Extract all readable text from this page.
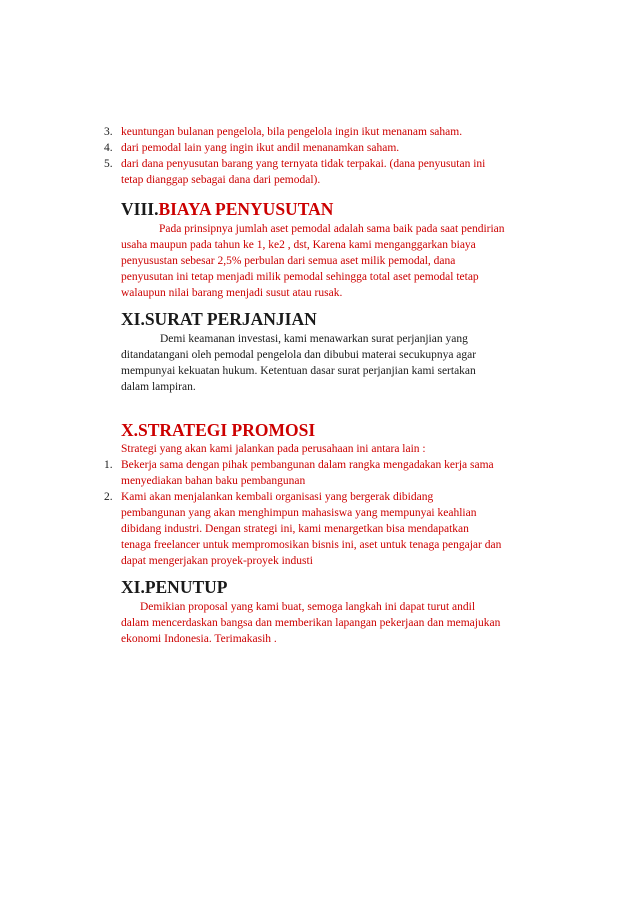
3. keuntungan bulanan pengelola, bila pengelola ingin ikut menanam saham.
4. dari pemodal lain yang ingin ikut andil menanamkan saham.
5. dari dana penyusutan barang yang ternyata tidak terpakai. (dana penyusutan ini
tetap dianggap sebagai dana dari pemodal).
VIII.BIAYA PENYUSUTAN
Pada prinsipnya jumlah aset pemodal adalah sama baik pada saat pendirian
usaha maupun pada tahun ke 1, ke2 , dst, Karena kami menganggarkan biaya
penyusustan sebesar 2,5% perbulan dari semua aset milik pemodal, dana
penyusutan ini tetap menjadi milik pemodal sehingga total aset pemodal tetap
walaupun nilai barang menjadi susut atau rusak.
XI.SURAT PERJANJIAN
Demi keamanan investasi, kami menawarkan surat perjanjian yang
ditandatangani oleh pemodal pengelola dan dibubui materai secukupnya agar
mempunyai kekuatan hukum. Ketentuan dasar surat perjanjian kami sertakan
dalam lampiran.
X.STRATEGI PROMOSI
Strategi yang akan kami jalankan pada perusahaan ini antara lain :
1. Bekerja sama dengan pihak pembangunan dalam rangka mengadakan kerja sama
menyediakan bahan baku pembangunan
2. Kami akan menjalankan kembali organisasi yang bergerak dibidang
pembangunan yang akan menghimpun mahasiswa yang mempunyai keahlian
dibidang industri. Dengan strategi ini, kami menargetkan bisa mendapatkan
tenaga freelancer untuk mempromosikan bisnis ini, aset untuk tenaga pengajar dan
dapat mengerjakan proyek-proyek industi
XI.PENUTUP
Demikian proposal yang kami buat, semoga langkah ini dapat turut andil
dalam mencerdaskan bangsa dan memberikan lapangan pekerjaan dan memajukan
ekonomi Indonesia. Terimakasih .
